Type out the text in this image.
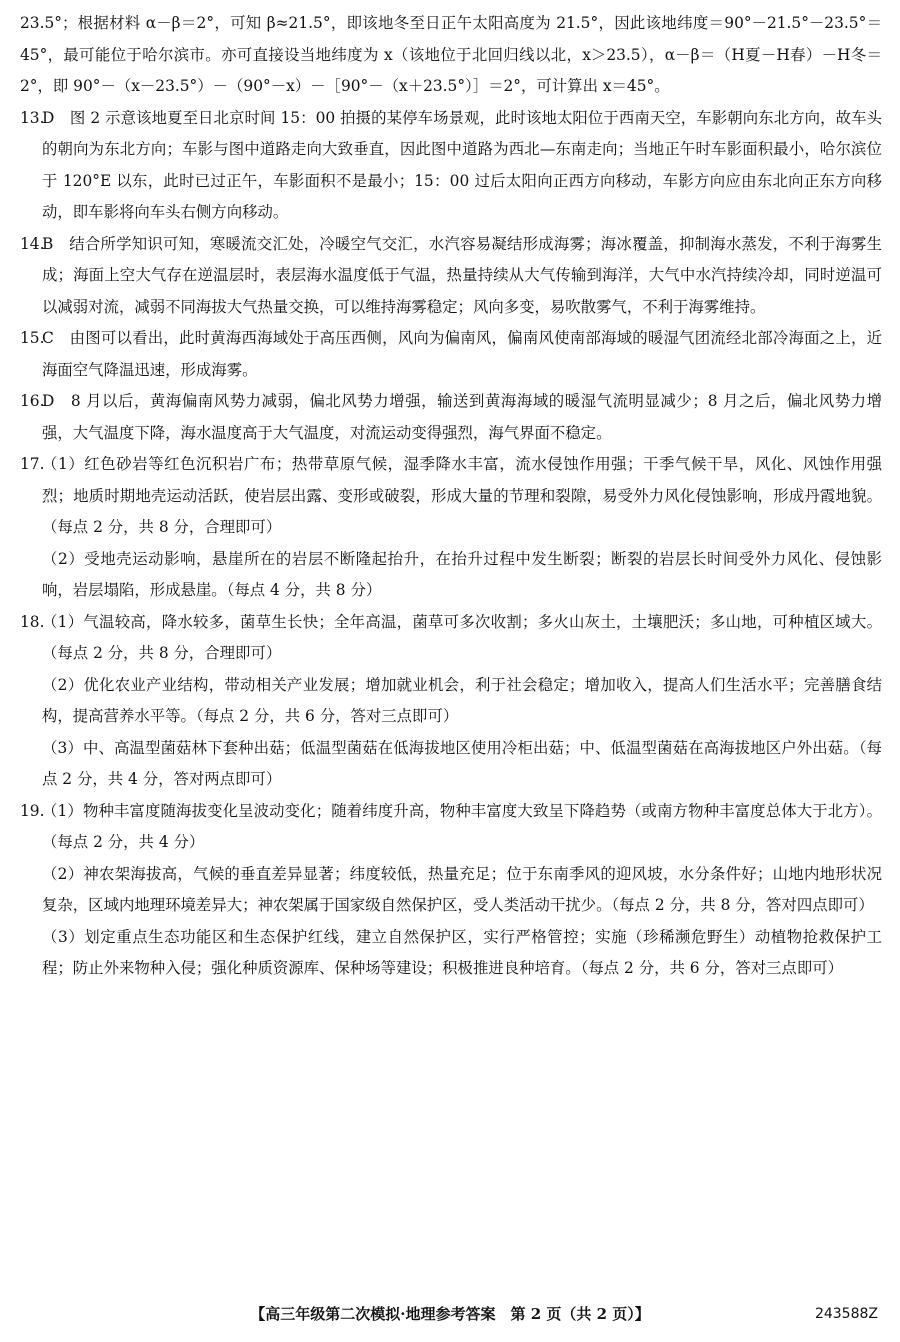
23.5°；根据材料 α－β＝2°，可知 β≈21.5°，即该地冬至日正午太阳高度为 21.5°，因此该地纬度＝90°－21.5°－23.5°＝45°，最可能位于哈尔滨市。亦可直接设当地纬度为 x（该地位于北回归线以北，x＞23.5），α－β＝（H夏－H春）－H冬＝2°，即 90°－（x－23.5°）－（90°－x）－［90°－（x＋23.5°）］＝2°，可计算出 x＝45°。

13.

D　图 2 示意该地夏至日北京时间 15：00 拍摄的某停车场景观，此时该地太阳位于西南天空，车影朝向东北方向，故车头的朝向为东北方向；车影与图中道路走向大致垂直，因此图中道路为西北—东南走向；当地正午时车影面积最小，哈尔滨位于 120°E 以东，此时已过正午，车影面积不是最小；15：00 过后太阳向正西方向移动，车影方向应由东北向正东方向移动，即车影将向车头右侧方向移动。

14.

B　结合所学知识可知，寒暖流交汇处，冷暖空气交汇，水汽容易凝结形成海雾；海冰覆盖，抑制海水蒸发，不利于海雾生成；海面上空大气存在逆温层时，表层海水温度低于气温，热量持续从大气传输到海洋，大气中水汽持续冷却，同时逆温可以减弱对流，减弱不同海拔大气热量交换，可以维持海雾稳定；风向多变，易吹散雾气，不利于海雾维持。

15.

C　由图可以看出，此时黄海西海域处于高压西侧，风向为偏南风，偏南风使南部海域的暖湿气团流经北部冷海面之上，近海面空气降温迅速，形成海雾。

16.

D　8 月以后，黄海偏南风势力减弱，偏北风势力增强，输送到黄海海域的暖湿气流明显减少；8 月之后，偏北风势力增强，大气温度下降，海水温度高于大气温度，对流运动变得强烈，海气界面不稳定。

17.

（1）红色砂岩等红色沉积岩广布；热带草原气候，湿季降水丰富，流水侵蚀作用强；干季气候干旱，风化、风蚀作用强烈；地质时期地壳运动活跃，使岩层出露、变形或破裂，形成大量的节理和裂隙，易受外力风化侵蚀影响，形成丹霞地貌。（每点 2 分，共 8 分，合理即可）

（2）受地壳运动影响，悬崖所在的岩层不断隆起抬升，在抬升过程中发生断裂；断裂的岩层长时间受外力风化、侵蚀影响，岩层塌陷，形成悬崖。（每点 4 分，共 8 分）

18.

（1）气温较高，降水较多，菌草生长快；全年高温，菌草可多次收割；多火山灰土，土壤肥沃；多山地，可种植区域大。（每点 2 分，共 8 分，合理即可）

（2）优化农业产业结构，带动相关产业发展；增加就业机会，利于社会稳定；增加收入，提高人们生活水平；完善膳食结构，提高营养水平等。（每点 2 分，共 6 分，答对三点即可）

（3）中、高温型菌菇林下套种出菇；低温型菌菇在低海拔地区使用冷柜出菇；中、低温型菌菇在高海拔地区户外出菇。（每点 2 分，共 4 分，答对两点即可）

19.

（1）物种丰富度随海拔变化呈波动变化；随着纬度升高，物种丰富度大致呈下降趋势（或南方物种丰富度总体大于北方）。（每点 2 分，共 4 分）

（2）神农架海拔高，气候的垂直差异显著；纬度较低，热量充足；位于东南季风的迎风坡，水分条件好；山地内地形状况复杂，区域内地理环境差异大；神农架属于国家级自然保护区，受人类活动干扰少。（每点 2 分，共 8 分，答对四点即可）

（3）划定重点生态功能区和生态保护红线，建立自然保护区，实行严格管控；实施（珍稀濒危野生）动植物抢救保护工程；防止外来物种入侵；强化种质资源库、保种场等建设；积极推进良种培育。（每点 2 分，共 6 分，答对三点即可）

【高三年级第二次模拟·地理参考答案　第 2 页（共 2 页）】	243588Z
